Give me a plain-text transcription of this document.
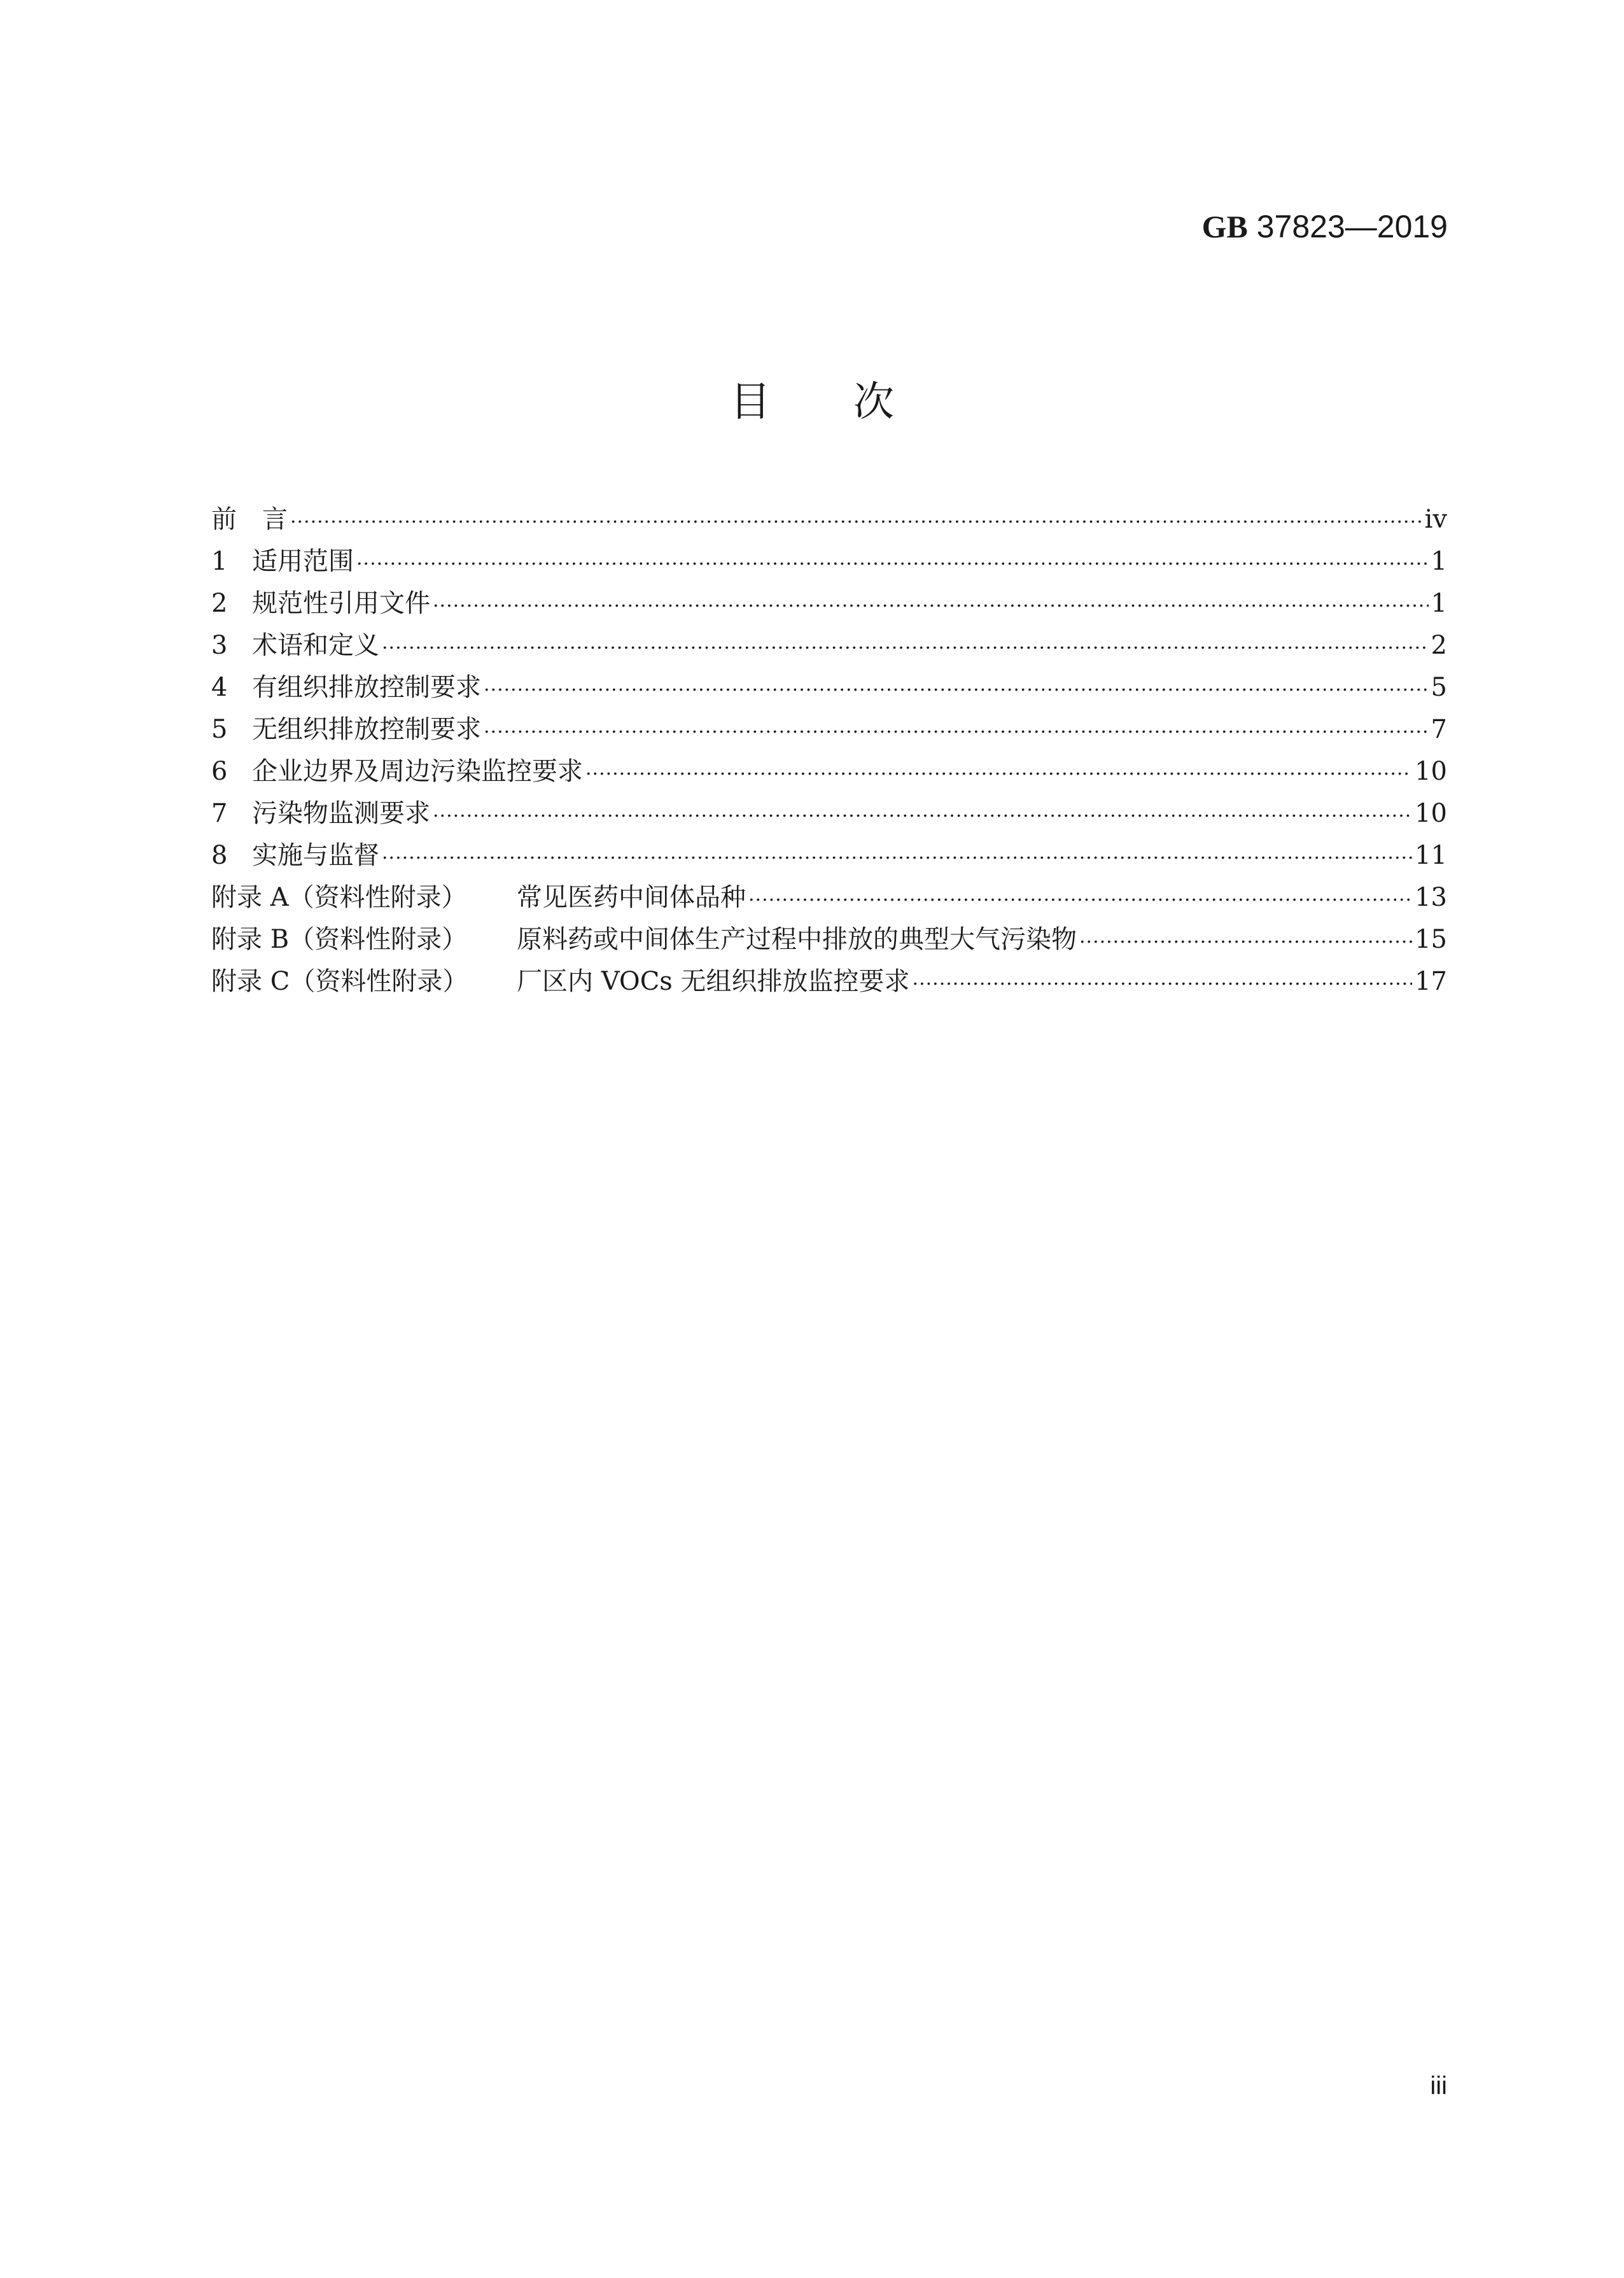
GB 37823—2019
目 次
前　言 .....	iv
1 适用范围 .....	1
2 规范性引用文件 .....	1
3 术语和定义 .....	2
4 有组织排放控制要求 .....	5
5 无组织排放控制要求 .....	7
6 企业边界及周边污染监控要求 .....	10
7 污染物监测要求 .....	10
8 实施与监督 .....	11
附录 A（资料性附录） 常见医药中间体品种 .....	13
附录 B（资料性附录） 原料药或中间体生产过程中排放的典型大气污染物 .....	15
附录 C（资料性附录） 厂区内 VOCs 无组织排放监控要求 .....	17
iii
